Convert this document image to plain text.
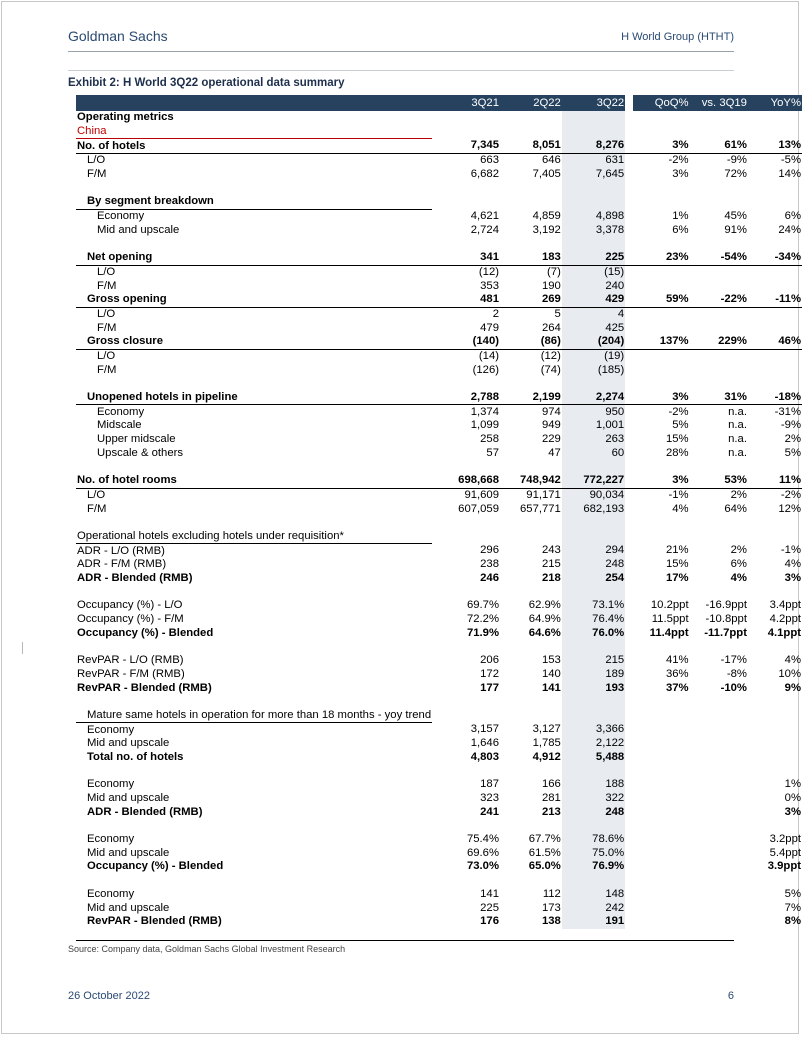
Goldman Sachs	H World Group (HTHT)
Exhibit 2: H World 3Q22 operational data summary
	3Q21	2Q22	3Q22		QoQ%	vs. 3Q19	YoY%
Operating metrics							
China							
No. of hotels	7,345	8,051	8,276		3%	61%	13%
L/O	663	646	631		-2%	-9%	-5%
F/M	6,682	7,405	7,645		3%	72%	14%

By segment breakdown							
Economy	4,621	4,859	4,898		1%	45%	6%
Mid and upscale	2,724	3,192	3,378		6%	91%	24%

Net opening	341	183	225		23%	-54%	-34%
L/O	(12)	(7)	(15)				
F/M	353	190	240				
Gross opening	481	269	429		59%	-22%	-11%
L/O	2	5	4				
F/M	479	264	425				
Gross closure	(140)	(86)	(204)		137%	229%	46%
L/O	(14)	(12)	(19)				
F/M	(126)	(74)	(185)				

Unopened hotels in pipeline	2,788	2,199	2,274		3%	31%	-18%
Economy	1,374	974	950		-2%	n.a.	-31%
Midscale	1,099	949	1,001		5%	n.a.	-9%
Upper midscale	258	229	263		15%	n.a.	2%
Upscale & others	57	47	60		28%	n.a.	5%

No. of hotel rooms	698,668	748,942	772,227		3%	53%	11%
L/O	91,609	91,171	90,034		-1%	2%	-2%
F/M	607,059	657,771	682,193		4%	64%	12%

Operational hotels excluding hotels under requisition*							
ADR - L/O (RMB)	296	243	294		21%	2%	-1%
ADR - F/M (RMB)	238	215	248		15%	6%	4%
ADR - Blended (RMB)	246	218	254		17%	4%	3%

Occupancy (%) - L/O	69.7%	62.9%	73.1%		10.2ppt	-16.9ppt	3.4ppt
Occupancy (%) - F/M	72.2%	64.9%	76.4%		11.5ppt	-10.8ppt	4.2ppt
Occupancy (%) - Blended	71.9%	64.6%	76.0%		11.4ppt	-11.7ppt	4.1ppt

RevPAR - L/O (RMB)	206	153	215		41%	-17%	4%
RevPAR - F/M (RMB)	172	140	189		36%	-8%	10%
RevPAR - Blended (RMB)	177	141	193		37%	-10%	9%

Mature same hotels in operation for more than 18 months - yoy trend							
Economy	3,157	3,127	3,366				
Mid and upscale	1,646	1,785	2,122				
Total no. of hotels	4,803	4,912	5,488				

Economy	187	166	188				1%
Mid and upscale	323	281	322				0%
ADR - Blended (RMB)	241	213	248				3%

Economy	75.4%	67.7%	78.6%				3.2ppt
Mid and upscale	69.6%	61.5%	75.0%				5.4ppt
Occupancy (%) - Blended	73.0%	65.0%	76.9%				3.9ppt

Economy	141	112	148				5%
Mid and upscale	225	173	242				7%
RevPAR - Blended (RMB)	176	138	191				8%
Source: Company data, Goldman Sachs Global Investment Research
26 October 2022	6
